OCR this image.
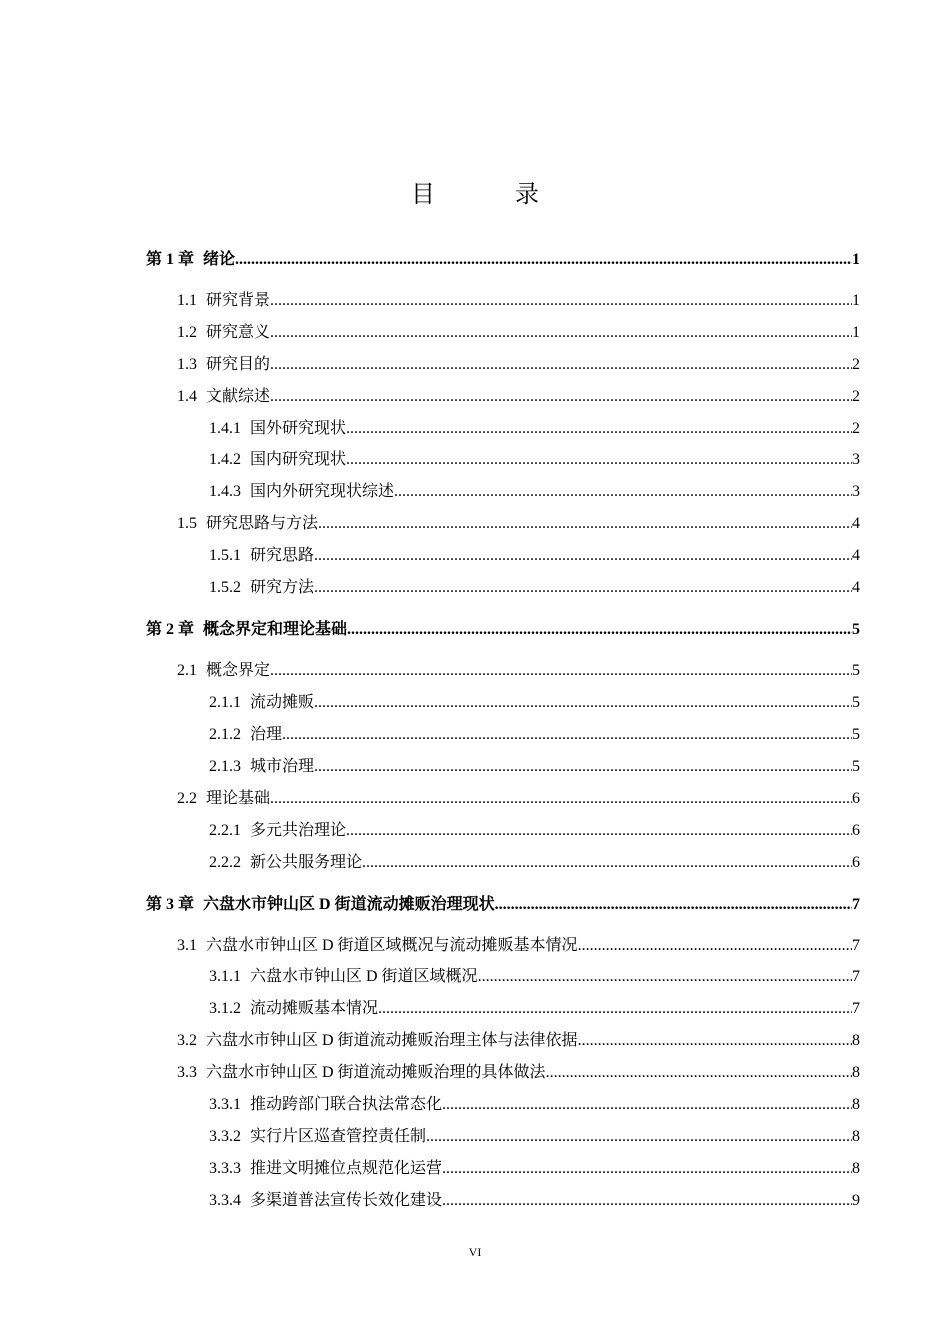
目　录
第 1 章 绪论 .....	1
1.1 研究背景 .....	1
1.2 研究意义 .....	1
1.3 研究目的 .....	2
1.4 文献综述 .....	2
1.4.1 国外研究现状 .....	2
1.4.2 国内研究现状 .....	3
1.4.3 国内外研究现状综述 .....	3
1.5 研究思路与方法 .....	4
1.5.1 研究思路 .....	4
1.5.2 研究方法 .....	4
第 2 章 概念界定和理论基础 .....	5
2.1 概念界定 .....	5
2.1.1 流动摊贩 .....	5
2.1.2 治理 .....	5
2.1.3 城市治理 .....	5
2.2 理论基础 .....	6
2.2.1 多元共治理论 .....	6
2.2.2 新公共服务理论 .....	6
第 3 章 六盘水市钟山区 D 街道流动摊贩治理现状 .....	7
3.1 六盘水市钟山区 D 街道区域概况与流动摊贩基本情况 .....	7
3.1.1 六盘水市钟山区 D 街道区域概况 .....	7
3.1.2 流动摊贩基本情况 .....	7
3.2 六盘水市钟山区 D 街道流动摊贩治理主体与法律依据 .....	8
3.3 六盘水市钟山区 D 街道流动摊贩治理的具体做法 .....	8
3.3.1 推动跨部门联合执法常态化 .....	8
3.3.2 实行片区巡查管控责任制 .....	8
3.3.3 推进文明摊位点规范化运营 .....	8
3.3.4 多渠道普法宣传长效化建设 .....	9
VI
